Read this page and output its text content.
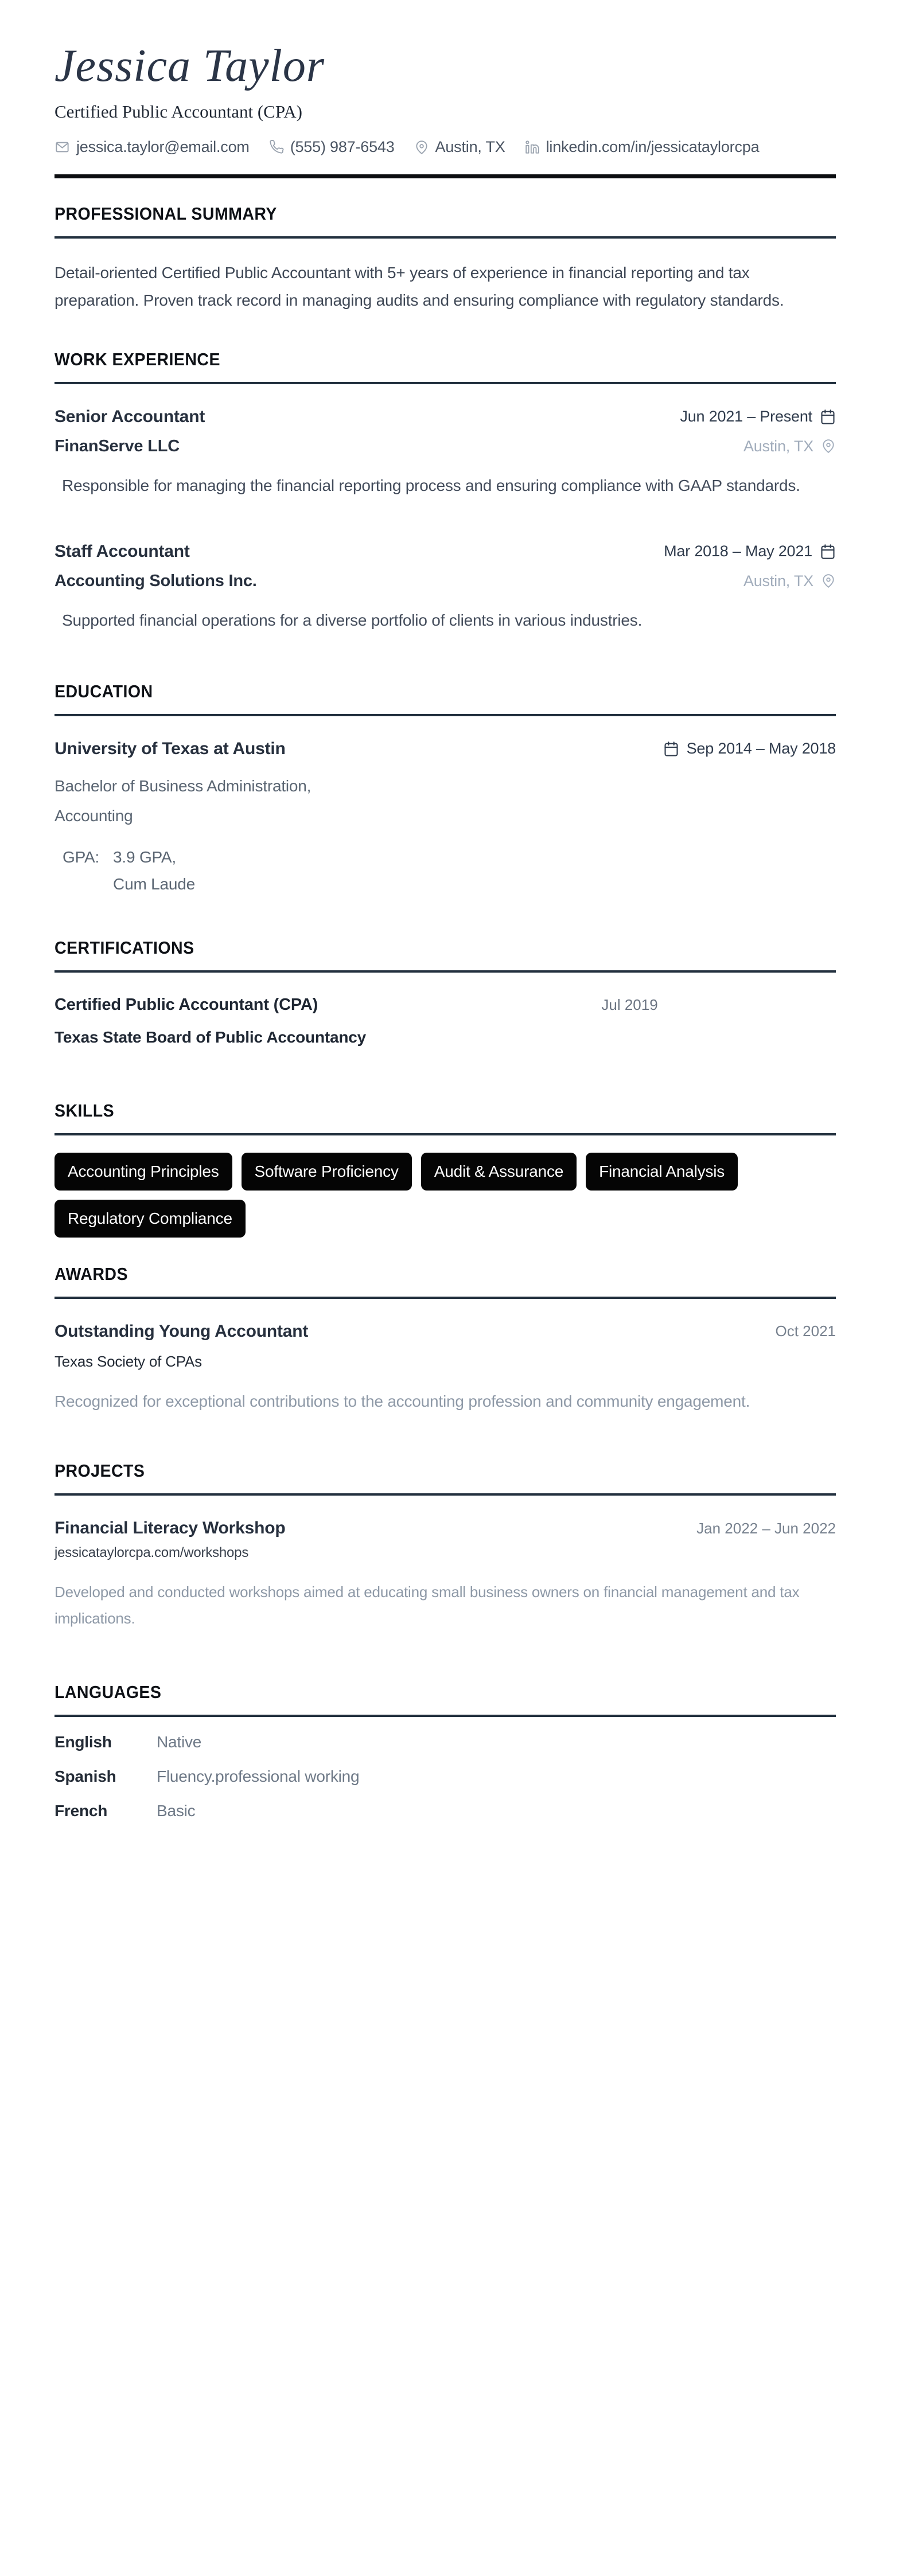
Jessica Taylor
Certified Public Accountant (CPA)
jessica.taylor@email.com	(555) 987-6543	Austin, TX	linkedin.com/in/jessicataylorcpa
PROFESSIONAL SUMMARY

Detail-oriented Certified Public Accountant with 5+ years of experience in financial reporting and tax preparation. Proven track record in managing audits and ensuring compliance with regulatory standards.

WORK EXPERIENCE
Senior Accountant	Jun 2021 – Present
FinanServe LLC	Austin, TX
Responsible for managing the financial reporting process and ensuring compliance with GAAP standards.
Staff Accountant	Mar 2018 – May 2021
Accounting Solutions Inc.	Austin, TX
Supported financial operations for a diverse portfolio of clients in various industries.
EDUCATION
University of Texas at Austin	Sep 2014 – May 2018
Bachelor of Business Administration,
Accounting
GPA: 3.9 GPA,
Cum Laude
CERTIFICATIONS
Certified Public Accountant (CPA)	Jul 2019
Texas State Board of Public Accountancy
SKILLS
Accounting Principles	Software Proficiency	Audit & Assurance	Financial Analysis
Regulatory Compliance
AWARDS
Outstanding Young Accountant	Oct 2021
Texas Society of CPAs
Recognized for exceptional contributions to the accounting profession and community engagement.
PROJECTS
Financial Literacy Workshop	Jan 2022 – Jun 2022
jessicataylorcpa.com/workshops
Developed and conducted workshops aimed at educating small business owners on financial management and tax implications.
LANGUAGES
English	Native
Spanish	Fluency.professional working
French	Basic
